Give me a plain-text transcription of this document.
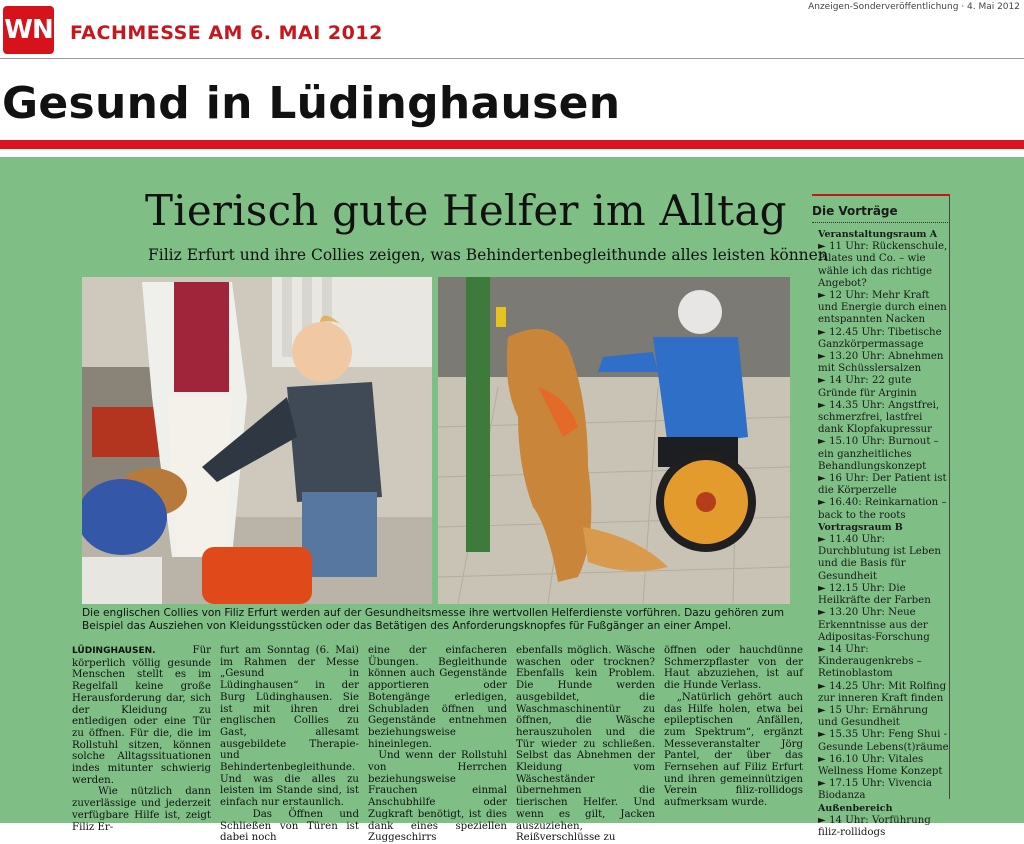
Anzeigen-Sonderveröffentlichung · 4. Mai 2012
WN FACHMESSE AM 6. MAI 2012
Gesund in Lüdinghausen
Tierisch gute Helfer im Alltag
Filiz Erfurt und ihre Collies zeigen, was Behindertenbegleithunde alles leisten können
Die englischen Collies von Filiz Erfurt werden auf der Gesundheitsmesse ihre wertvollen Helferdienste vorführen. Dazu gehören zum Beispiel das Ausziehen von Kleidungsstücken oder das Betätigen des Anforderungsknopfes für Fußgänger an einer Ampel.

LÜDINGHAUSEN.	Für körperlich völlig gesunde Menschen stellt es im Regelfall keine große Herausforderung dar, sich der Kleidung zu entledigen oder eine Tür zu öffnen. Für die, die im Rollstuhl sitzen, können solche Alltagssituationen indes mitunter schwierig werden.
Wie nützlich dann zuverlässige und jederzeit verfügbare Hilfe ist, zeigt Filiz Er-

furt am Sonntag (6. Mai) im Rahmen der Messe „Gesund in Lüdinghausen“ in der Burg Lüdinghausen. Sie ist mit ihren drei englischen Collies zu Gast, allesamt ausgebildete Therapie- und Behindertenbegleithunde. Und was die alles zu leisten im Stande sind, ist einfach nur erstaunlich.
Das Öffnen und Schließen von Türen ist dabei noch

eine der einfacheren Übungen. Begleithunde können auch Gegenstände apportieren oder Botengänge erledigen, Schubladen öffnen und Gegenstände entnehmen beziehungsweise hineinlegen.
Und wenn der Rollstuhl von Herrchen beziehungsweise Frauchen einmal Anschubhilfe oder Zugkraft benötigt, ist dies dank eines speziellen Zuggeschirrs

ebenfalls möglich. Wäsche waschen oder trocknen? Ebenfalls kein Problem. Die Hunde werden ausgebildet, die Waschmaschinentür zu öffnen, die Wäsche herauszuholen und die Tür wieder zu schließen. Selbst das Abnehmen der Kleidung vom Wäscheständer übernehmen die tierischen Helfer. Und wenn es gilt, Jacken auszuziehen, Reißverschlüsse zu

öffnen oder hauchdünne Schmerzpflaster von der Haut abzuziehen, ist auf die Hunde Verlass.
„Natürlich gehört auch das Hilfe holen, etwa bei epileptischen Anfällen, zum Spektrum“, ergänzt Messeveranstalter Jörg Pantel, der über das Fernsehen auf Filiz Erfurt und ihren gemeinnützigen Verein filiz-rollidogs aufmerksam wurde.

Die Vorträge
Veranstaltungsraum A
► 11 Uhr: Rückenschule, Pilates und Co. – wie wähle ich das richtige Angebot?
► 12 Uhr: Mehr Kraft und Energie durch einen entspannten Nacken
► 12.45 Uhr: Tibetische Ganzkörpermassage
► 13.20 Uhr: Abnehmen mit Schüsslersalzen
► 14 Uhr: 22 gute Gründe für Arginin
► 14.35 Uhr: Angstfrei, schmerzfrei, lastfrei dank Klopfakupressur
► 15.10 Uhr: Burnout – ein ganzheitliches Behandlungskonzept
► 16 Uhr: Der Patient ist die Körperzelle
► 16.40: Reinkarnation – back to the roots
Vortragsraum B
► 11.40 Uhr: Durchblutung ist Leben und die Basis für Gesundheit
► 12.15 Uhr: Die Heilkräfte der Farben
► 13.20 Uhr: Neue Erkenntnisse aus der Adipositas-Forschung
► 14 Uhr: Kinderaugenkrebs – Retinoblastom
► 14.25 Uhr: Mit Rolfing zur inneren Kraft finden
► 15 Uhr: Ernährung und Gesundheit
► 15.35 Uhr: Feng Shui - Gesunde Lebens(t)räume
► 16.10 Uhr: Vitales Wellness Home Konzept
► 17.15 Uhr: Vivencia Biodanza
Außenbereich
► 14 Uhr: Vorführung filiz-rollidogs
